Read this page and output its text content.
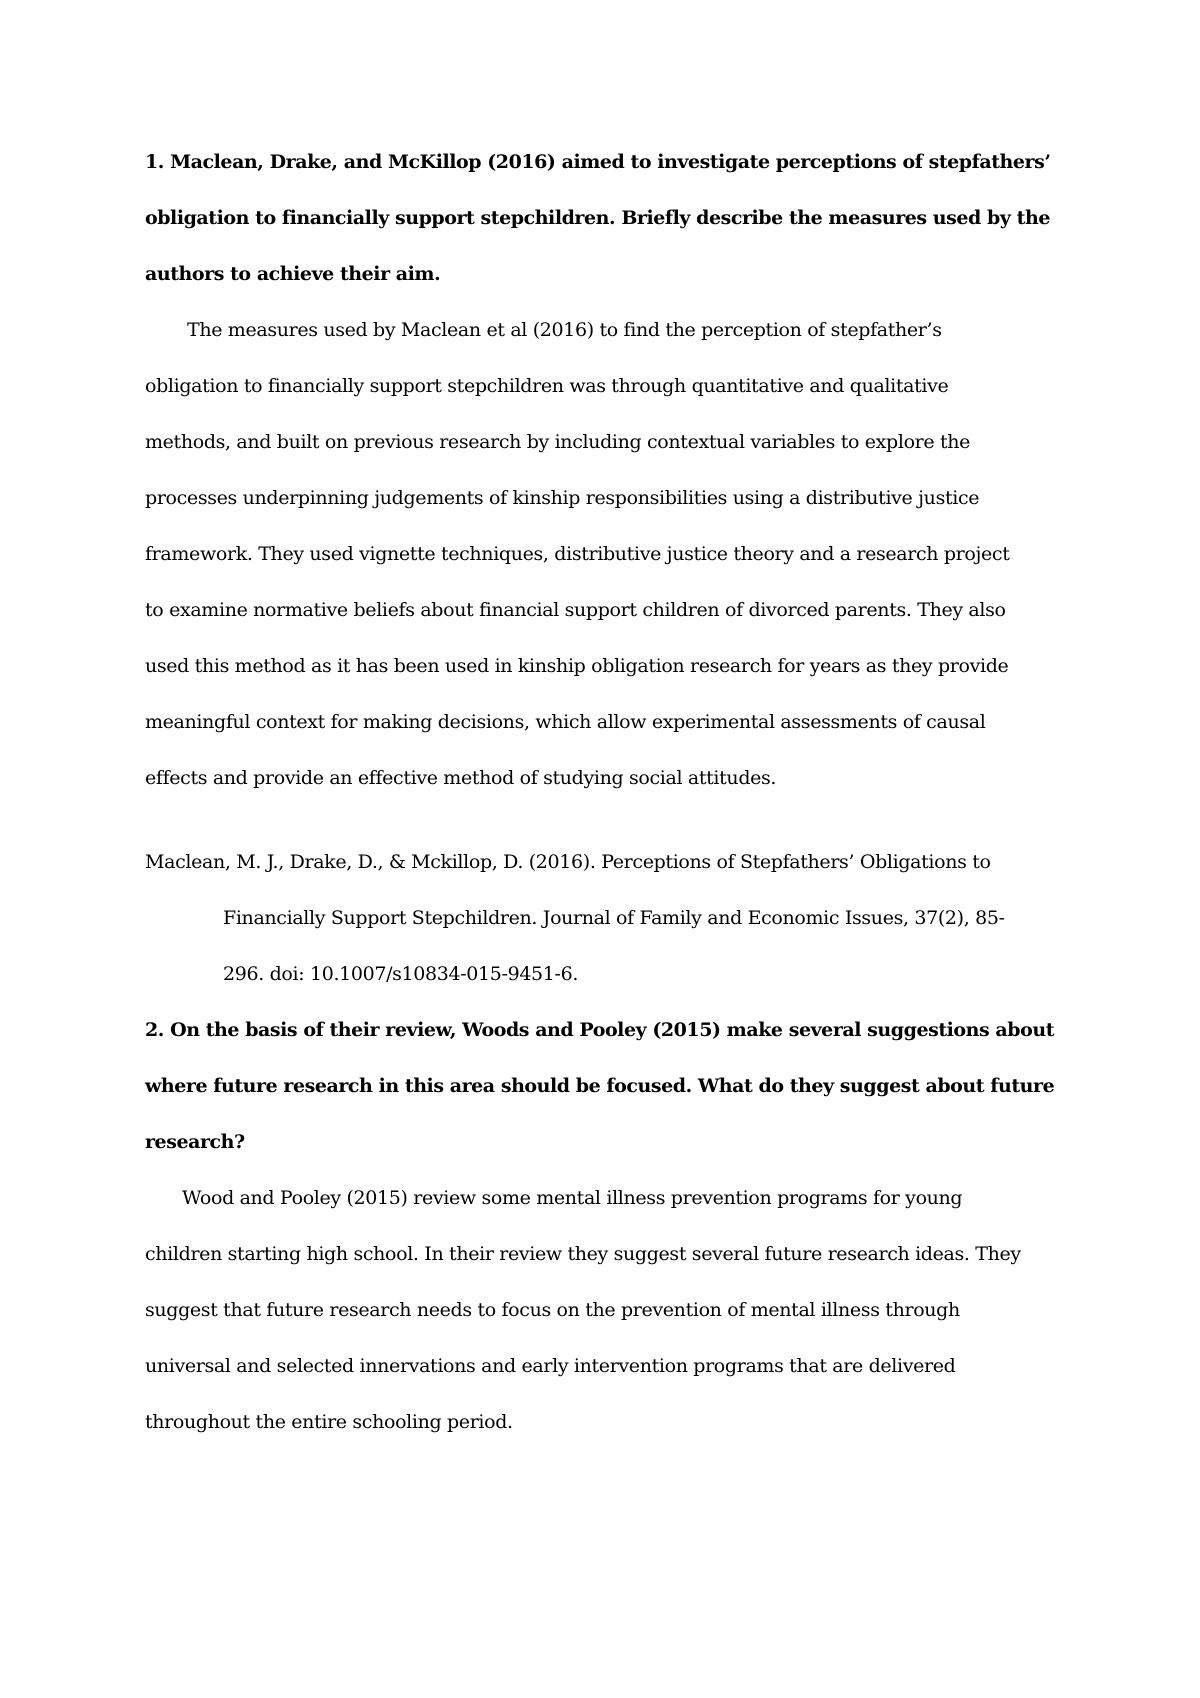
1. Maclean, Drake, and McKillop (2016) aimed to investigate perceptions of stepfathers’
obligation to financially support stepchildren. Briefly describe the measures used by the
authors to achieve their aim.
The measures used by Maclean et al (2016) to find the perception of stepfather’s
obligation to financially support stepchildren was through quantitative and qualitative
methods, and built on previous research by including contextual variables to explore the
processes underpinning judgements of kinship responsibilities using a distributive justice
framework. They used vignette techniques, distributive justice theory and a research project
to examine normative beliefs about financial support children of divorced parents. They also
used this method as it has been used in kinship obligation research for years as they provide
meaningful context for making decisions, which allow experimental assessments of causal
effects and provide an effective method of studying social attitudes.
Maclean, M. J., Drake, D., & Mckillop, D. (2016). Perceptions of Stepfathers’ Obligations to
Financially Support Stepchildren. Journal of Family and Economic Issues, 37(2), 85-
296. doi: 10.1007/s10834-015-9451-6.
2. On the basis of their review, Woods and Pooley (2015) make several suggestions about
where future research in this area should be focused. What do they suggest about future
research?
Wood and Pooley (2015) review some mental illness prevention programs for young
children starting high school. In their review they suggest several future research ideas. They
suggest that future research needs to focus on the prevention of mental illness through
universal and selected innervations and early intervention programs that are delivered
throughout the entire schooling period.
